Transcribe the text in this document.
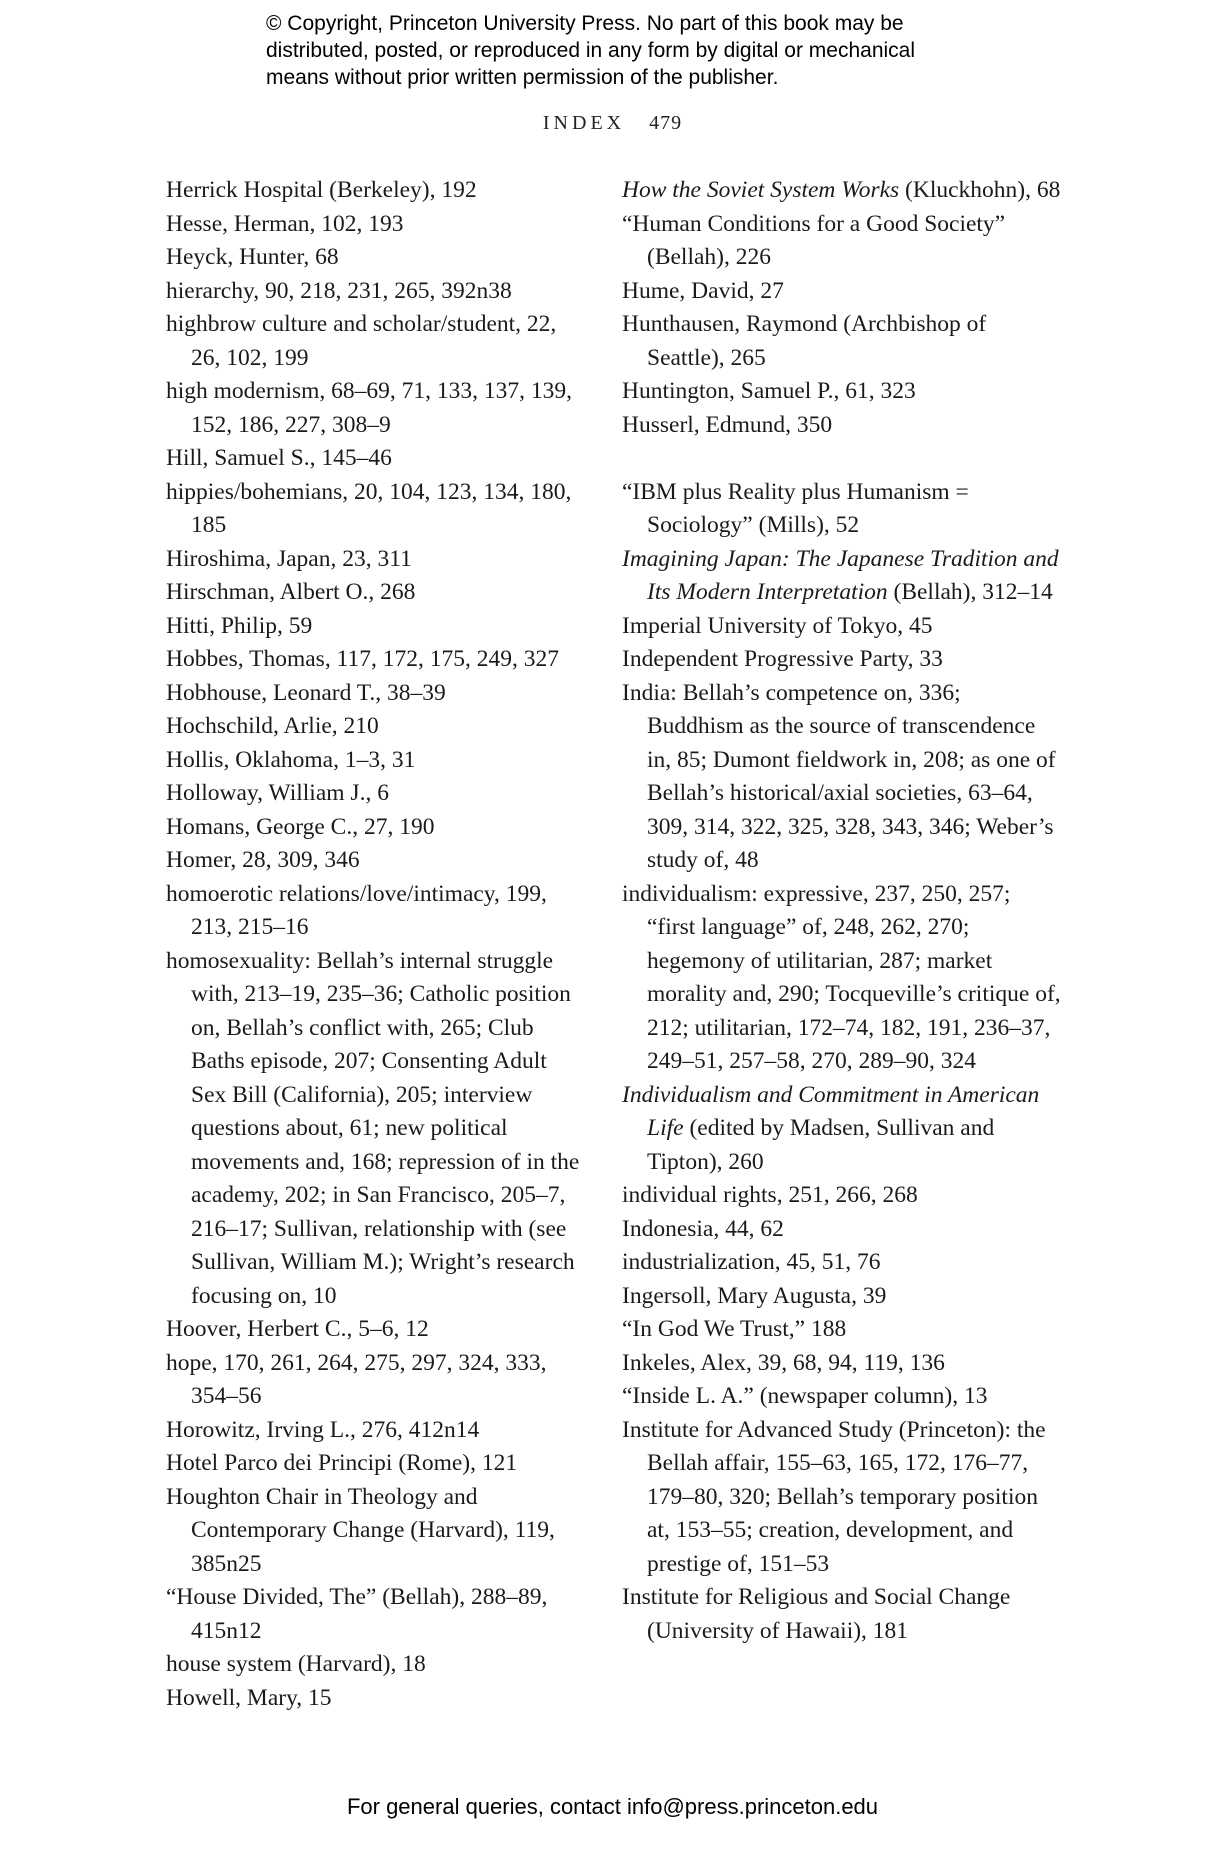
© Copyright, Princeton University Press. No part of this book may be
distributed, posted, or reproduced in any form by digital or mechanical
means without prior written permission of the publisher.
INDEX 479
Herrick Hospital (Berkeley), 192
Hesse, Herman, 102, 193
Heyck, Hunter, 68
hierarchy, 90, 218, 231, 265, 392n38
highbrow culture and scholar/student, 22, 26, 102, 199
high modernism, 68–69, 71, 133, 137, 139, 152, 186, 227, 308–9
Hill, Samuel S., 145–46
hippies/bohemians, 20, 104, 123, 134, 180, 185
Hiroshima, Japan, 23, 311
Hirschman, Albert O., 268
Hitti, Philip, 59
Hobbes, Thomas, 117, 172, 175, 249, 327
Hobhouse, Leonard T., 38–39
Hochschild, Arlie, 210
Hollis, Oklahoma, 1–3, 31
Holloway, William J., 6
Homans, George C., 27, 190
Homer, 28, 309, 346
homoerotic relations/love/intimacy, 199, 213, 215–16
homosexuality: Bellah’s internal struggle with, 213–19, 235–36; Catholic position on, Bellah’s conflict with, 265; Club Baths episode, 207; Consenting Adult Sex Bill (California), 205; interview questions about, 61; new political movements and, 168; repression of in the academy, 202; in San Francisco, 205–7, 216–17; Sullivan, relationship with (see Sullivan, William M.); Wright’s research focusing on, 10
Hoover, Herbert C., 5–6, 12
hope, 170, 261, 264, 275, 297, 324, 333, 354–56
Horowitz, Irving L., 276, 412n14
Hotel Parco dei Principi (Rome), 121
Houghton Chair in Theology and Contemporary Change (Harvard), 119, 385n25
“House Divided, The” (Bellah), 288–89, 415n12
house system (Harvard), 18
Howell, Mary, 15
How the Soviet System Works (Kluckhohn), 68
“Human Conditions for a Good Society” (Bellah), 226
Hume, David, 27
Hunthausen, Raymond (Archbishop of Seattle), 265
Huntington, Samuel P., 61, 323
Husserl, Edmund, 350
“IBM plus Reality plus Humanism = Sociology” (Mills), 52
Imagining Japan: The Japanese Tradition and Its Modern Interpretation (Bellah), 312–14
Imperial University of Tokyo, 45
Independent Progressive Party, 33
India: Bellah’s competence on, 336; Buddhism as the source of transcendence in, 85; Dumont fieldwork in, 208; as one of Bellah’s historical/axial societies, 63–64, 309, 314, 322, 325, 328, 343, 346; Weber’s study of, 48
individualism: expressive, 237, 250, 257; “first language” of, 248, 262, 270; hegemony of utilitarian, 287; market morality and, 290; Tocqueville’s critique of, 212; utilitarian, 172–74, 182, 191, 236–37, 249–51, 257–58, 270, 289–90, 324
Individualism and Commitment in American Life (edited by Madsen, Sullivan and Tipton), 260
individual rights, 251, 266, 268
Indonesia, 44, 62
industrialization, 45, 51, 76
Ingersoll, Mary Augusta, 39
“In God We Trust,” 188
Inkeles, Alex, 39, 68, 94, 119, 136
“Inside L. A.” (newspaper column), 13
Institute for Advanced Study (Princeton): the Bellah affair, 155–63, 165, 172, 176–77, 179–80, 320; Bellah’s temporary position at, 153–55; creation, development, and prestige of, 151–53
Institute for Religious and Social Change (University of Hawaii), 181
For general queries, contact info@press.princeton.edu
